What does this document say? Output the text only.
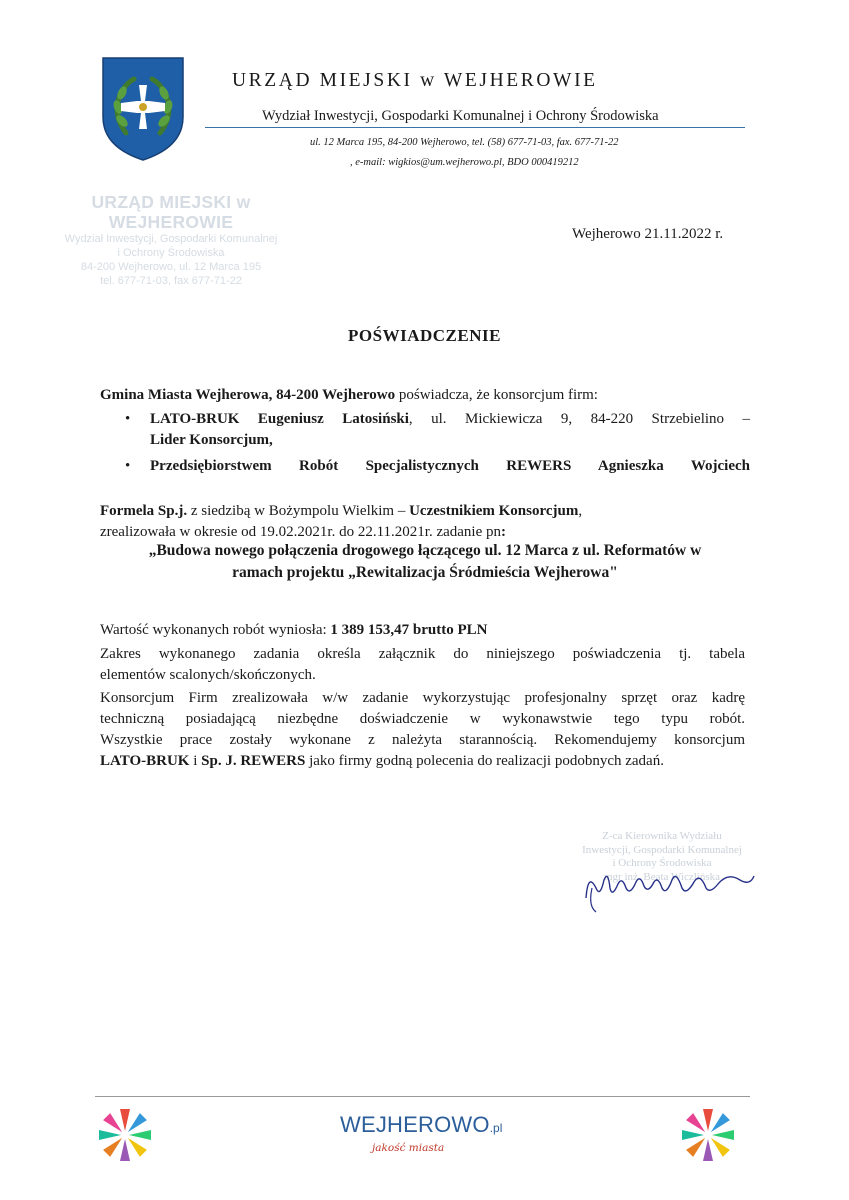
URZĄD MIEJSKI w WEJHEROWIE
Wydział Inwestycji, Gospodarki Komunalnej i Ochrony Środowiska
ul. 12 Marca 195, 84-200 Wejherowo, tel. (58) 677-71-03, fax. 677-71-22
, e-mail: wigkios@um.wejherowo.pl, BDO 000419212
URZĄD MIEJSKI w WEJHEROWIE
Wydział Inwestycji, Gospodarki Komunalnej
i Ochrony Środowiska
84-200 Wejherowo, ul. 12 Marca 195
tel. 677-71-03, fax 677-71-22
Wejherowo 21.11.2022 r.
POŚWIADCZENIE
Gmina Miasta Wejherowa, 84-200 Wejherowo poświadcza, że konsorcjum firm:
•	LATO-BRUK Eugeniusz Latosiński, ul. Mickiewicza 9, 84-220 Strzebielino –
Lider Konsorcjum,
•	Przedsiębiorstwem Robót Specjalistycznych REWERS Agnieszka Wojciech
Formela Sp.j. z siedzibą w Bożympolu Wielkim – Uczestnikiem Konsorcjum,
zrealizowała w okresie od 19.02.2021r. do 22.11.2021r. zadanie pn:
„Budowa nowego połączenia drogowego łączącego ul. 12 Marca z ul. Reformatów w
ramach projektu „Rewitalizacja Śródmieścia Wejherowa"
Wartość wykonanych robót wyniosła: 1 389 153,47 brutto PLN
Zakres wykonanego zadania określa załącznik do niniejszego poświadczenia tj. tabela
elementów scalonych/skończonych.
Konsorcjum Firm zrealizowała w/w zadanie wykorzystując profesjonalny sprzęt oraz kadrę
techniczną posiadającą niezbędne doświadczenie w wykonawstwie tego typu robót.
Wszystkie prace zostały wykonane z należyta starannością. Rekomendujemy konsorcjum
LATO-BRUK i Sp. J. REWERS jako firmy godną polecenia do realizacji podobnych zadań.
Z-ca Kierownika Wydziału
Inwestycji, Gospodarki Komunalnej
i Ochrony Środowiska
mgr inż. Beata Wiczlińska
WEJHEROWO.pl
jakość miasta
